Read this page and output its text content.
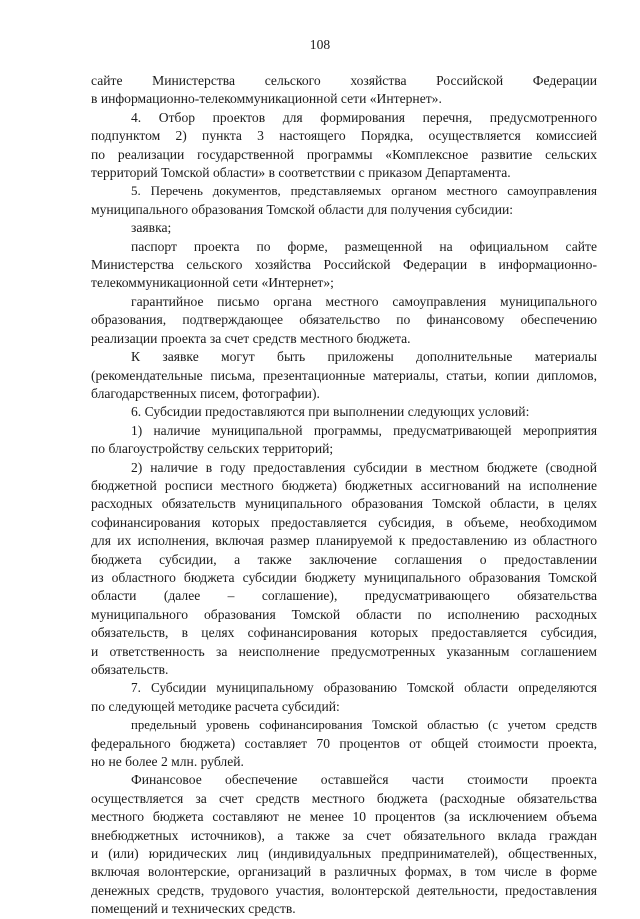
108
сайте Министерства сельского хозяйства Российской Федерации
в информационно-телекоммуникационной сети «Интернет».
4. Отбор проектов для формирования перечня, предусмотренного
подпунктом 2) пункта 3 настоящего Порядка, осуществляется комиссией
по реализации государственной программы «Комплексное развитие сельских
территорий Томской области» в соответствии с приказом Департамента.
5. Перечень документов, представляемых органом местного самоуправления
муниципального образования Томской области для получения субсидии:
заявка;
паспорт проекта по форме, размещенной на официальном сайте
Министерства сельского хозяйства Российской Федерации в информационно-
телекоммуникационной сети «Интернет»;
гарантийное письмо органа местного самоуправления муниципального
образования, подтверждающее обязательство по финансовому обеспечению
реализации проекта за счет средств местного бюджета.
К заявке могут быть приложены дополнительные материалы
(рекомендательные письма, презентационные материалы, статьи, копии дипломов,
благодарственных писем, фотографии).
6. Субсидии предоставляются при выполнении следующих условий:
1) наличие муниципальной программы, предусматривающей мероприятия
по благоустройству сельских территорий;
2) наличие в году предоставления субсидии в местном бюджете (сводной
бюджетной росписи местного бюджета) бюджетных ассигнований на исполнение
расходных обязательств муниципального образования Томской области, в целях
софинансирования которых предоставляется субсидия, в объеме, необходимом
для их исполнения, включая размер планируемой к предоставлению из областного
бюджета субсидии, а также заключение соглашения о предоставлении
из областного бюджета субсидии бюджету муниципального образования Томской
области (далее – соглашение), предусматривающего обязательства
муниципального образования Томской области по исполнению расходных
обязательств, в целях софинансирования которых предоставляется субсидия,
и ответственность за неисполнение предусмотренных указанным соглашением
обязательств.
7. Субсидии муниципальному образованию Томской области определяются
по следующей методике расчета субсидий:
предельный уровень софинансирования Томской областью (с учетом средств
федерального бюджета) составляет 70 процентов от общей стоимости проекта,
но не более 2 млн. рублей.
Финансовое обеспечение оставшейся части стоимости проекта
осуществляется за счет средств местного бюджета (расходные обязательства
местного бюджета составляют не менее 10 процентов (за исключением объема
внебюджетных источников), а также за счет обязательного вклада граждан
и (или) юридических лиц (индивидуальных предпринимателей), общественных,
включая волонтерские, организаций в различных формах, в том числе в форме
денежных средств, трудового участия, волонтерской деятельности, предоставления
помещений и технических средств.
